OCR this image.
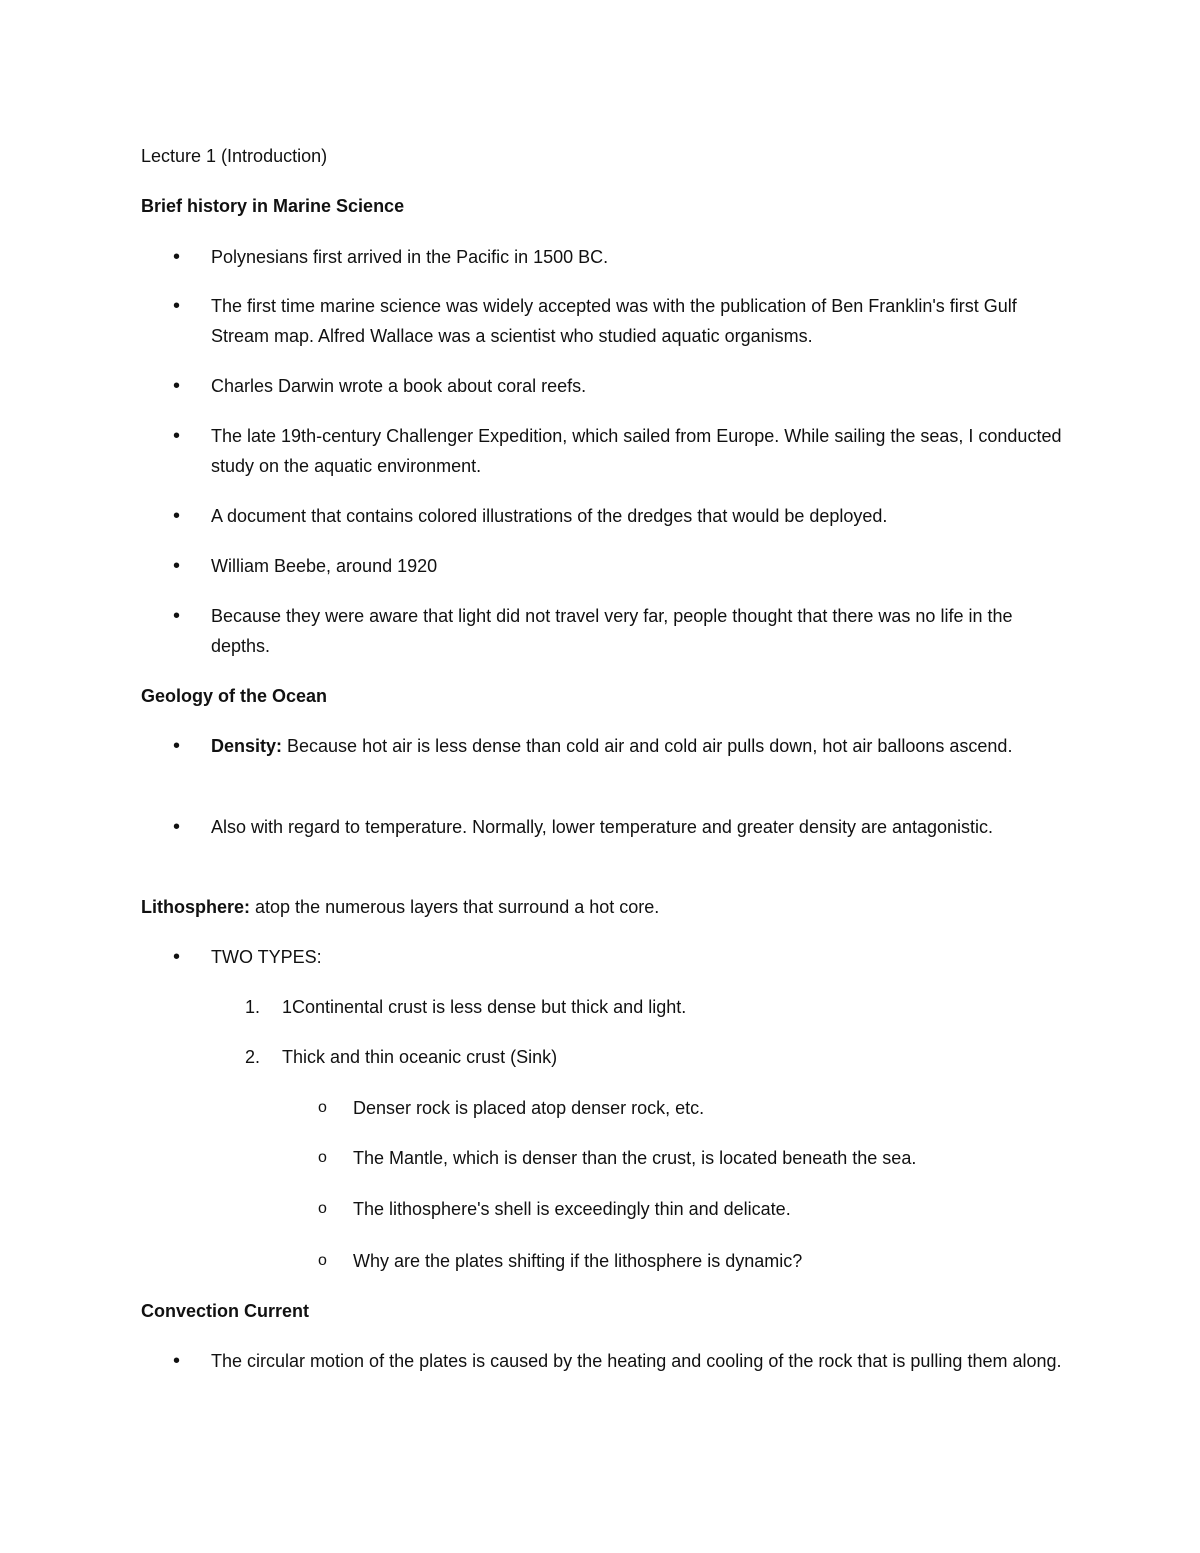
Lecture 1 (Introduction)

Brief history in Marine Science

• Polynesians first arrived in the Pacific in 1500 BC.
• The first time marine science was widely accepted was with the publication of Ben Franklin's first Gulf Stream map. Alfred Wallace was a scientist who studied aquatic organisms.
• Charles Darwin wrote a book about coral reefs.
• The late 19th-century Challenger Expedition, which sailed from Europe. While sailing the seas, I conducted study on the aquatic environment.
• A document that contains colored illustrations of the dredges that would be deployed.
• William Beebe, around 1920
• Because they were aware that light did not travel very far, people thought that there was no life in the depths.

Geology of the Ocean

• Density: Because hot air is less dense than cold air and cold air pulls down, hot air balloons ascend.
• Also with regard to temperature. Normally, lower temperature and greater density are antagonistic.

Lithosphere: atop the numerous layers that surround a hot core.

• TWO TYPES:
1. 1Continental crust is less dense but thick and light.
2. Thick and thin oceanic crust (Sink)
o Denser rock is placed atop denser rock, etc.
o The Mantle, which is denser than the crust, is located beneath the sea.
o The lithosphere's shell is exceedingly thin and delicate.
o Why are the plates shifting if the lithosphere is dynamic?

Convection Current

• The circular motion of the plates is caused by the heating and cooling of the rock that is pulling them along.
